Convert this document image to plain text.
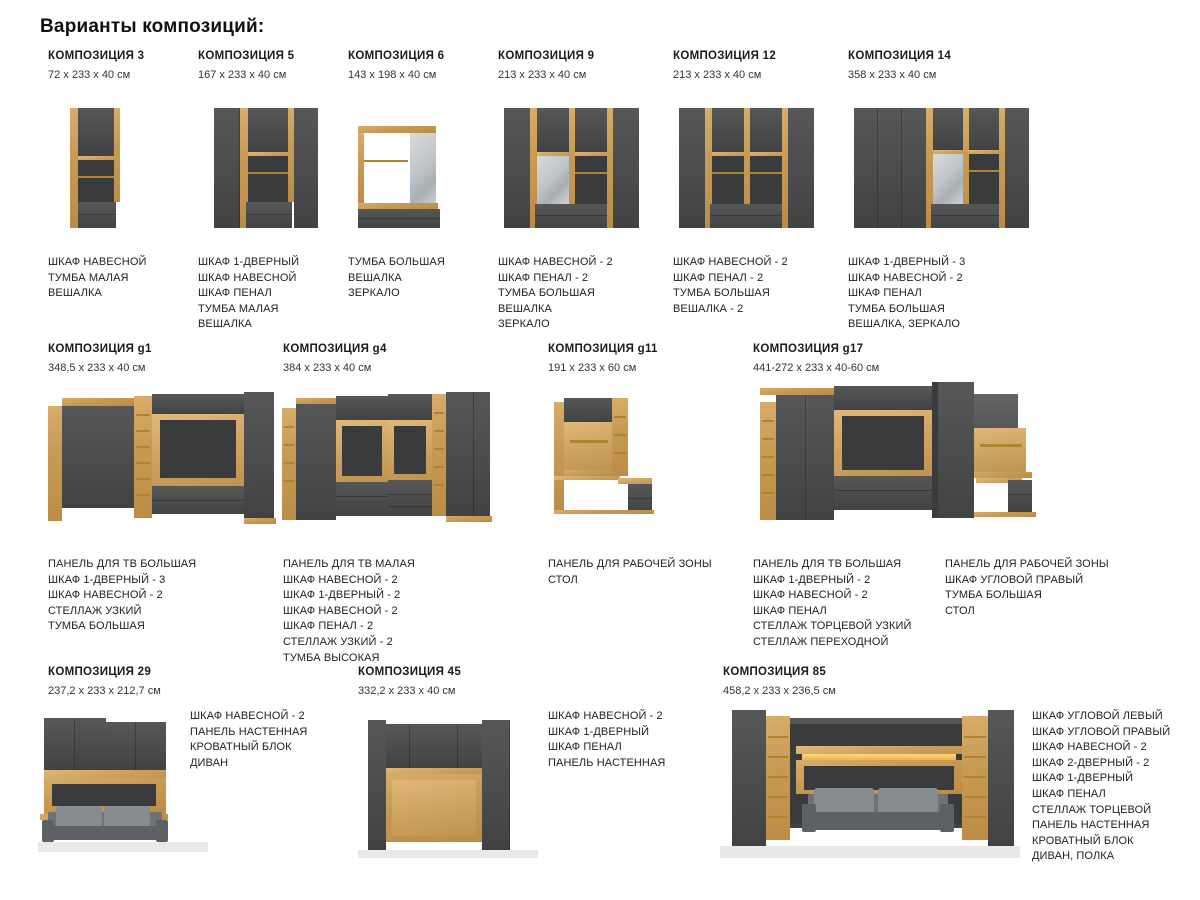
Варианты композиций:
КОМПОЗИЦИЯ 3
72 х 233 х 40 см
ШКАФ НАВЕСНОЙ
ТУМБА МАЛАЯ
ВЕШАЛКА
КОМПОЗИЦИЯ 5
167 х 233 х 40 см
ШКАФ 1-ДВЕРНЫЙ
ШКАФ НАВЕСНОЙ
ШКАФ ПЕНАЛ
ТУМБА МАЛАЯ
ВЕШАЛКА
КОМПОЗИЦИЯ 6
143 х 198 х 40 см
ТУМБА БОЛЬШАЯ
ВЕШАЛКА
ЗЕРКАЛО
КОМПОЗИЦИЯ 9
213 х 233 х 40 см
ШКАФ НАВЕСНОЙ - 2
ШКАФ ПЕНАЛ - 2
ТУМБА БОЛЬШАЯ
ВЕШАЛКА
ЗЕРКАЛО
КОМПОЗИЦИЯ 12
213 х 233 х 40 см
ШКАФ НАВЕСНОЙ - 2
ШКАФ ПЕНАЛ - 2
ТУМБА БОЛЬШАЯ
ВЕШАЛКА - 2
КОМПОЗИЦИЯ 14
358 х 233 х 40 см
ШКАФ 1-ДВЕРНЫЙ - 3
ШКАФ НАВЕСНОЙ - 2
ШКАФ ПЕНАЛ
ТУМБА БОЛЬШАЯ
ВЕШАЛКА, ЗЕРКАЛО
КОМПОЗИЦИЯ g1
348,5 х 233 х 40 см
ПАНЕЛЬ ДЛЯ ТВ БОЛЬШАЯ
ШКАФ 1-ДВЕРНЫЙ - 3
ШКАФ НАВЕСНОЙ - 2
СТЕЛЛАЖ УЗКИЙ
ТУМБА БОЛЬШАЯ
КОМПОЗИЦИЯ g4
384 х 233 х 40 см
ПАНЕЛЬ ДЛЯ ТВ МАЛАЯ
ШКАФ НАВЕСНОЙ - 2
ШКАФ 1-ДВЕРНЫЙ - 2
ШКАФ НАВЕСНОЙ - 2
ШКАФ ПЕНАЛ - 2
СТЕЛЛАЖ УЗКИЙ - 2
ТУМБА ВЫСОКАЯ
КОМПОЗИЦИЯ g11
191 х 233 х 60 см
ПАНЕЛЬ ДЛЯ РАБОЧЕЙ ЗОНЫ
СТОЛ
КОМПОЗИЦИЯ g17
441-272 х 233 х 40-60 см
ПАНЕЛЬ ДЛЯ ТВ БОЛЬШАЯ
ШКАФ 1-ДВЕРНЫЙ - 2
ШКАФ НАВЕСНОЙ - 2
ШКАФ ПЕНАЛ
СТЕЛЛАЖ ТОРЦЕВОЙ УЗКИЙ
СТЕЛЛАЖ ПЕРЕХОДНОЙ
ПАНЕЛЬ ДЛЯ РАБОЧЕЙ ЗОНЫ
ШКАФ УГЛОВОЙ ПРАВЫЙ
ТУМБА БОЛЬШАЯ
СТОЛ
КОМПОЗИЦИЯ 29
237,2 х 233 х 212,7 см
ШКАФ НАВЕСНОЙ - 2
ПАНЕЛЬ НАСТЕННАЯ
КРОВАТНЫЙ БЛОК
ДИВАН
КОМПОЗИЦИЯ 45
332,2 х 233 х 40 см
ШКАФ НАВЕСНОЙ - 2
ШКАФ 1-ДВЕРНЫЙ
ШКАФ ПЕНАЛ
ПАНЕЛЬ НАСТЕННАЯ
КОМПОЗИЦИЯ 85
458,2 х 233 х 236,5 см
ШКАФ УГЛОВОЙ ЛЕВЫЙ
ШКАФ УГЛОВОЙ ПРАВЫЙ
ШКАФ НАВЕСНОЙ - 2
ШКАФ 2-ДВЕРНЫЙ - 2
ШКАФ 1-ДВЕРНЫЙ
ШКАФ ПЕНАЛ
СТЕЛЛАЖ ТОРЦЕВОЙ
ПАНЕЛЬ НАСТЕННАЯ
КРОВАТНЫЙ БЛОК
ДИВАН, ПОЛКА
